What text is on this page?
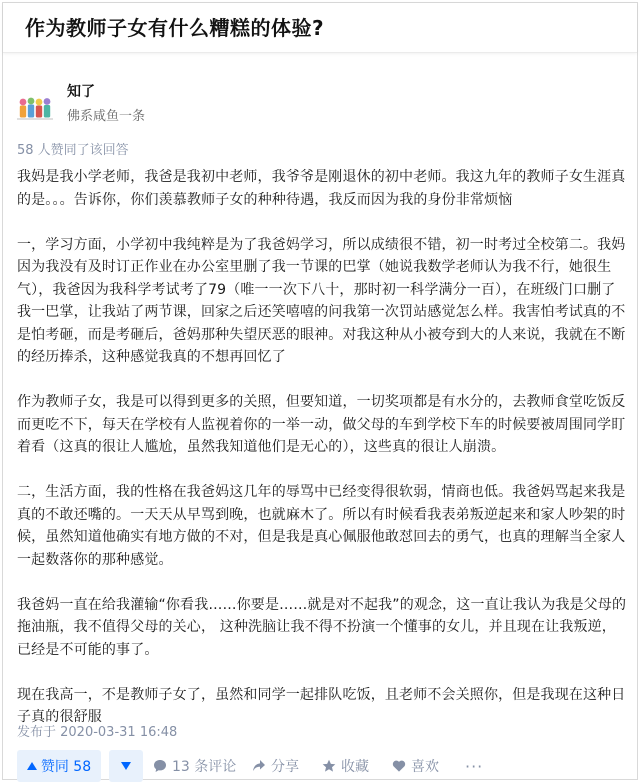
作为教师子女有什么糟糕的体验?
知了
佛系咸鱼一条
58 人赞同了该回答

我妈是我小学老师，我爸是我初中老师，我爷爷是刚退休的初中老师。我这九年的教师子女生涯真的是。。。告诉你，你们羡慕教师子女的种种待遇，我反而因为我的身份非常烦恼

一，学习方面，小学初中我纯粹是为了我爸妈学习，所以成绩很不错，初一时考过全校第二。我妈因为我没有及时订正作业在办公室里删了我一节课的巴掌（她说我数学老师认为我不行，她很生气），我爸因为我科学考试考了79（唯一一次下八十，那时初一科学满分一百），在班级门口删了我一巴掌，让我站了两节课，回家之后还笑嘻嘻的问我第一次罚站感觉怎么样。我害怕考试真的不是怕考砸，而是考砸后，爸妈那种失望厌恶的眼神。对我这种从小被夸到大的人来说，我就在不断的经历捧杀，这种感觉我真的不想再回忆了

作为教师子女，我是可以得到更多的关照，但要知道，一切奖项都是有水分的，去教师食堂吃饭反而更吃不下，每天在学校有人监视着你的一举一动，做父母的车到学校下车的时候要被周围同学盯着看（这真的很让人尴尬，虽然我知道他们是无心的），这些真的很让人崩溃。

二，生活方面，我的性格在我爸妈这几年的辱骂中已经变得很软弱，情商也低。我爸妈骂起来我是真的不敢还嘴的。一天天从早骂到晚，也就麻木了。所以有时候看我表弟叛逆起来和家人吵架的时候，虽然知道他确实有地方做的不对，但是我是真心佩服他敢怼回去的勇气，也真的理解当全家人一起数落你的那种感觉。

我爸妈一直在给我灌输“你看我……你要是……就是对不起我”的观念，这一直让我认为我是父母的拖油瓶，我不值得父母的关心， 这种洗脑让我不得不扮演一个懂事的女儿，并且现在让我叛逆，已经是不可能的事了。

现在我高一，不是教师子女了，虽然和同学一起排队吃饭，且老师不会关照你，但是我现在这种日子真的很舒服

发布于 2020-03-31 16:48
赞同 58	13 条评论 分享	收藏	喜欢 ···
